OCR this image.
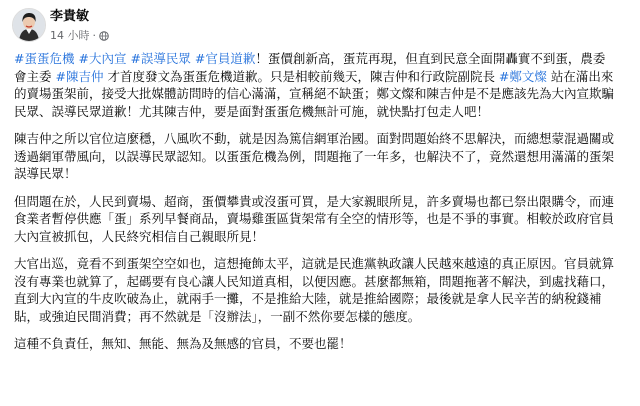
李貴敏
14 小時 ·

#蛋蛋危機 #大內宣 #誤導民眾 #官員道歉！蛋價創新高，蛋荒再現，但直到民意全面開轟實不到蛋，農委會主委 #陳吉仲 才首度發文為蛋蛋危機道歉。只是相較前幾天，陳吉仲和行政院副院長 #鄭文燦 站在滿出來的賣場蛋架前，接受大批媒體訪問時的信心滿滿，宣稱絕不缺蛋；鄭文燦和陳吉仲是不是應該先為大內宣欺騙民眾、誤導民眾道歉！尤其陳吉仲，要是面對蛋蛋危機無計可施，就快點打包走人吧！

陳吉仲之所以官位這麼穩，八風吹不動，就是因為篤信網軍治國。面對問題始終不思解決，而總想蒙混過關或透過網軍帶風向，以誤導民眾認知。以蛋蛋危機為例，問題拖了一年多，也解決不了，竟然還想用滿滿的蛋架誤導民眾！

但問題在於，人民到賣場、超商，蛋價攀貴或沒蛋可買，是大家親眼所見，許多賣場也都已祭出限購令，而連食業者暫停供應「蛋」系列早餐商品，賣場雞蛋區貨架常有全空的情形等，也是不爭的事實。相較於政府官員大內宣被抓包，人民終究相信自己親眼所見！

大官出巡，竟看不到蛋架空空如也，這想掩飾太平，這就是民進黨執政讓人民越來越遠的真正原因。官員就算沒有專業也就算了，起碼要有良心讓人民知道真相，以便因應。甚麼都無箱，問題拖著不解決，到處找藉口，直到大內宣的牛皮吹破為止，就兩手一攤，不是推給大陸，就是推給國際；最後就是拿人民辛苦的納稅錢補貼，或強迫民間消費；再不然就是「沒辦法」，一副不然你要怎樣的態度。

這種不負責任，無知、無能、無為及無感的官員，不要也罷！
